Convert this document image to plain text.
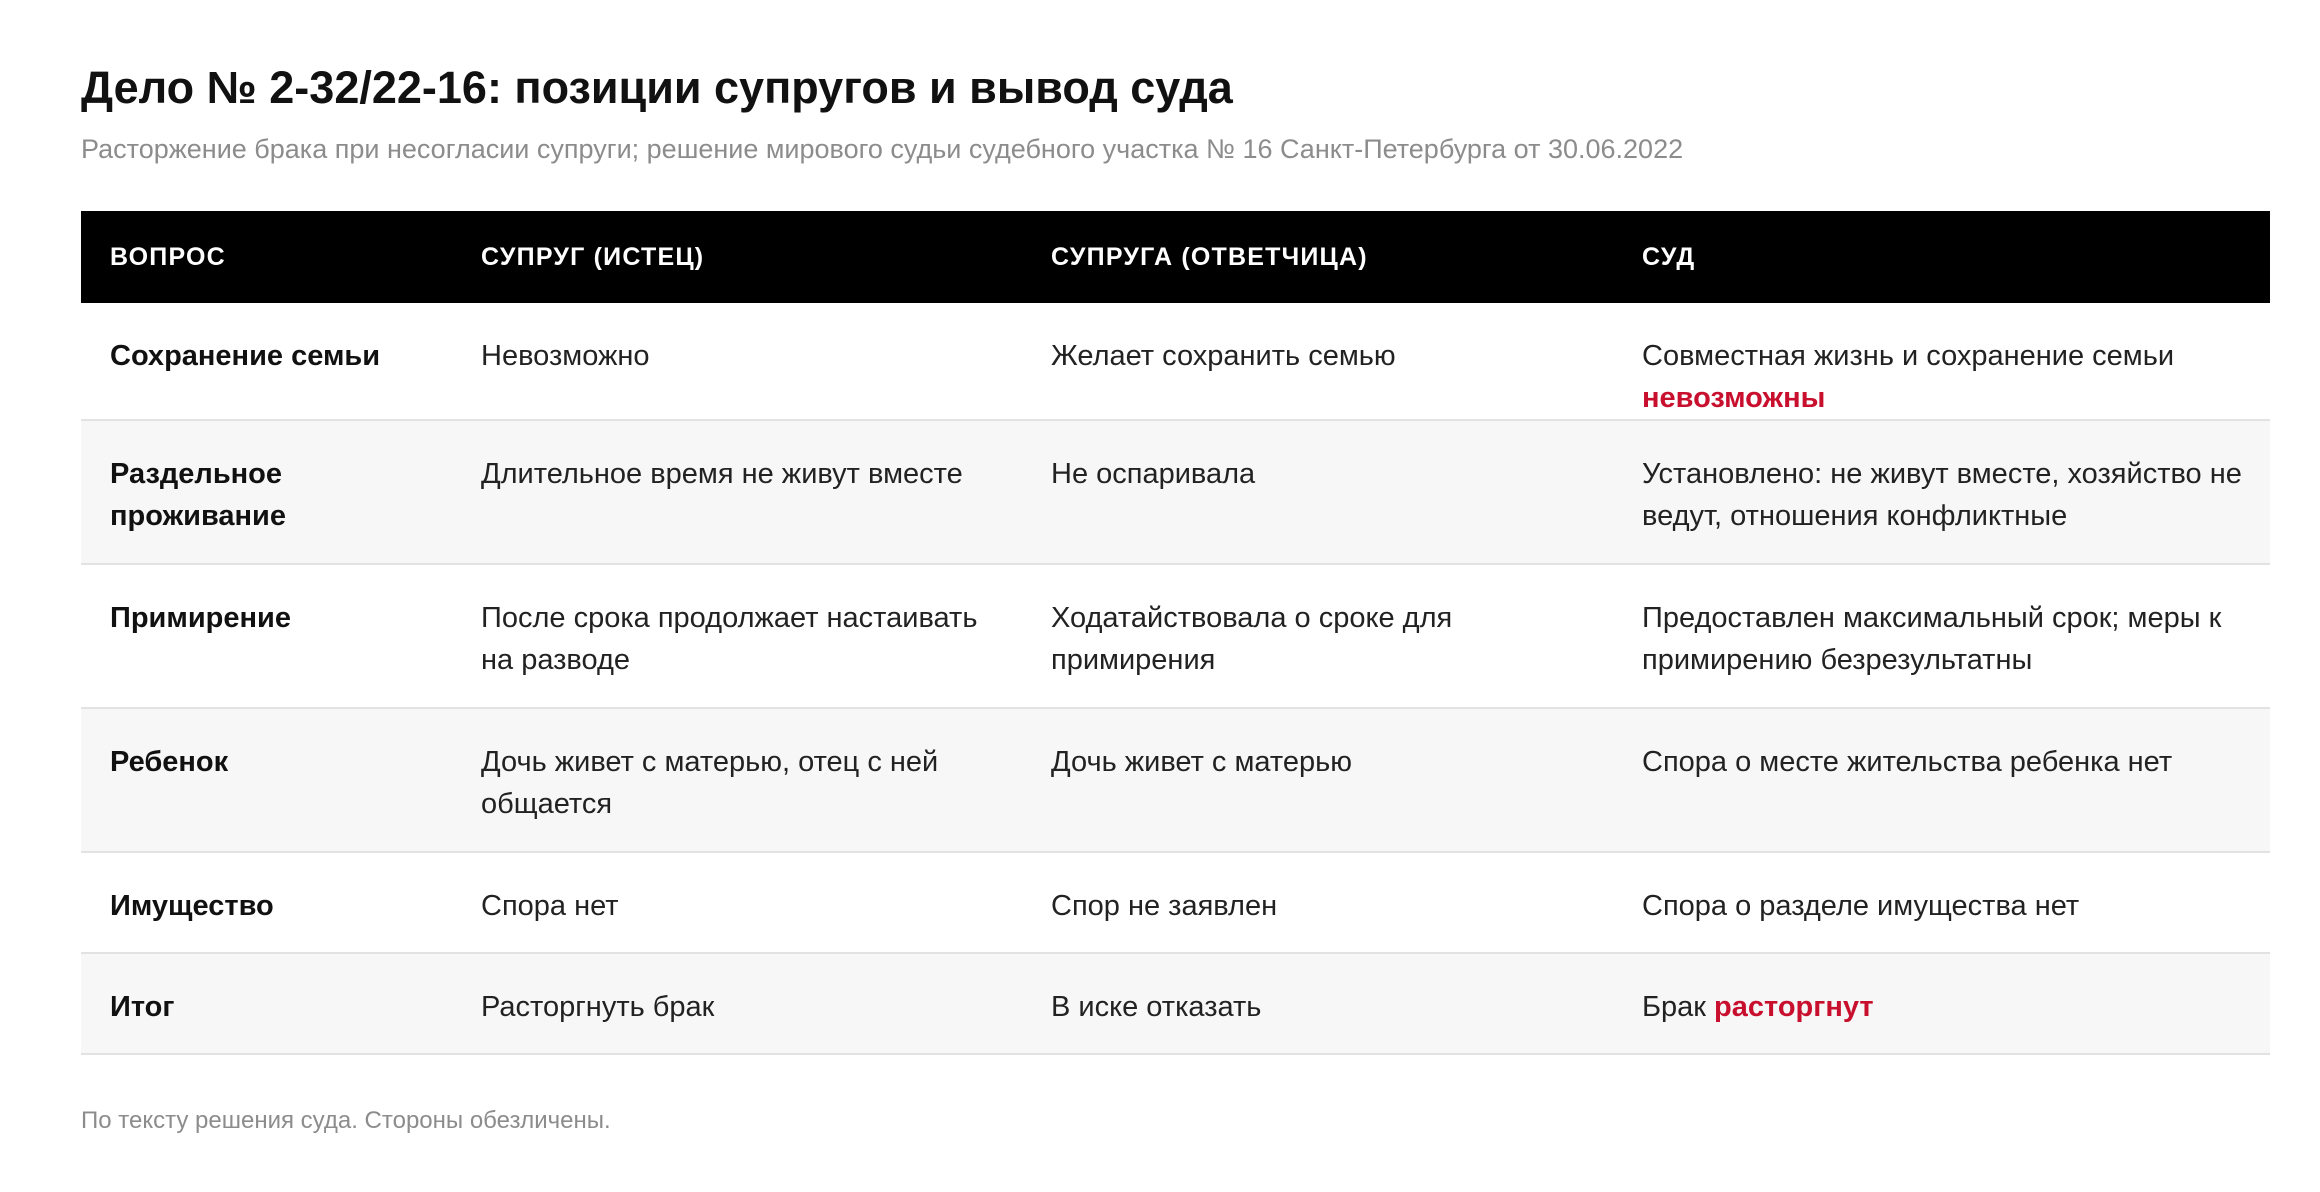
Дело № 2-32/22-16: позиции супругов и вывод суда

Расторжение брака при несогласии супруги; решение мирового судьи судебного участка № 16 Санкт-Петербурга от 30.06.2022

ВОПРОС	СУПРУГ (ИСТЕЦ)	СУПРУГА (ОТВЕТЧИЦА)	СУД
Сохранение семьи	Невозможно	Желает сохранить семью	Совместная жизнь и сохранение семьи
невозможны
Раздельное проживание	Длительное время не живут вместе	Не оспаривала	Установлено: не живут вместе, хозяйство не ведут, отношения конфликтные
Примирение	После срока продолжает настаивать на разводе	Ходатайствовала о сроке для примирения	Предоставлен максимальный срок; меры к примирению безрезультатны
Ребенок	Дочь живет с матерью, отец с ней общается	Дочь живет с матерью	Спора о месте жительства ребенка нет
Имущество	Спора нет	Спор не заявлен	Спора о разделе имущества нет
Итог	Расторгнуть брак	В иске отказать	Брак расторгнут

По тексту решения суда. Стороны обезличены.
